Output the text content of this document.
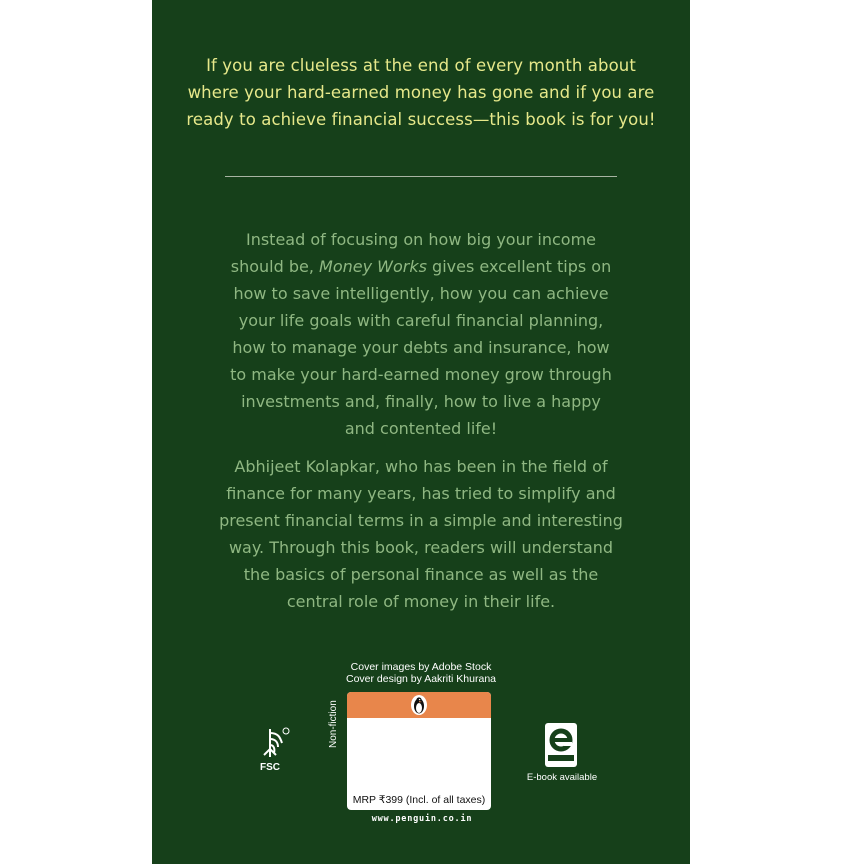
If you are clueless at the end of every month about
where your hard-earned money has gone and if you are
ready to achieve financial success—this book is for you!
Instead of focusing on how big your income
should be, Money Works gives excellent tips on
how to save intelligently, how you can achieve
your life goals with careful financial planning,
how to manage your debts and insurance, how
to make your hard-earned money grow through
investments and, finally, how to live a happy
and contented life!
Abhijeet Kolapkar, who has been in the field of
finance for many years, has tried to simplify and
present financial terms in a simple and interesting
way. Through this book, readers will understand
the basics of personal finance as well as the
central role of money in their life.
Cover images by Adobe Stock
Cover design by Aakriti Khurana
FSC
Non-fiction
MRP ₹399 (Incl. of all taxes)
www.penguin.co.in
E-book available
